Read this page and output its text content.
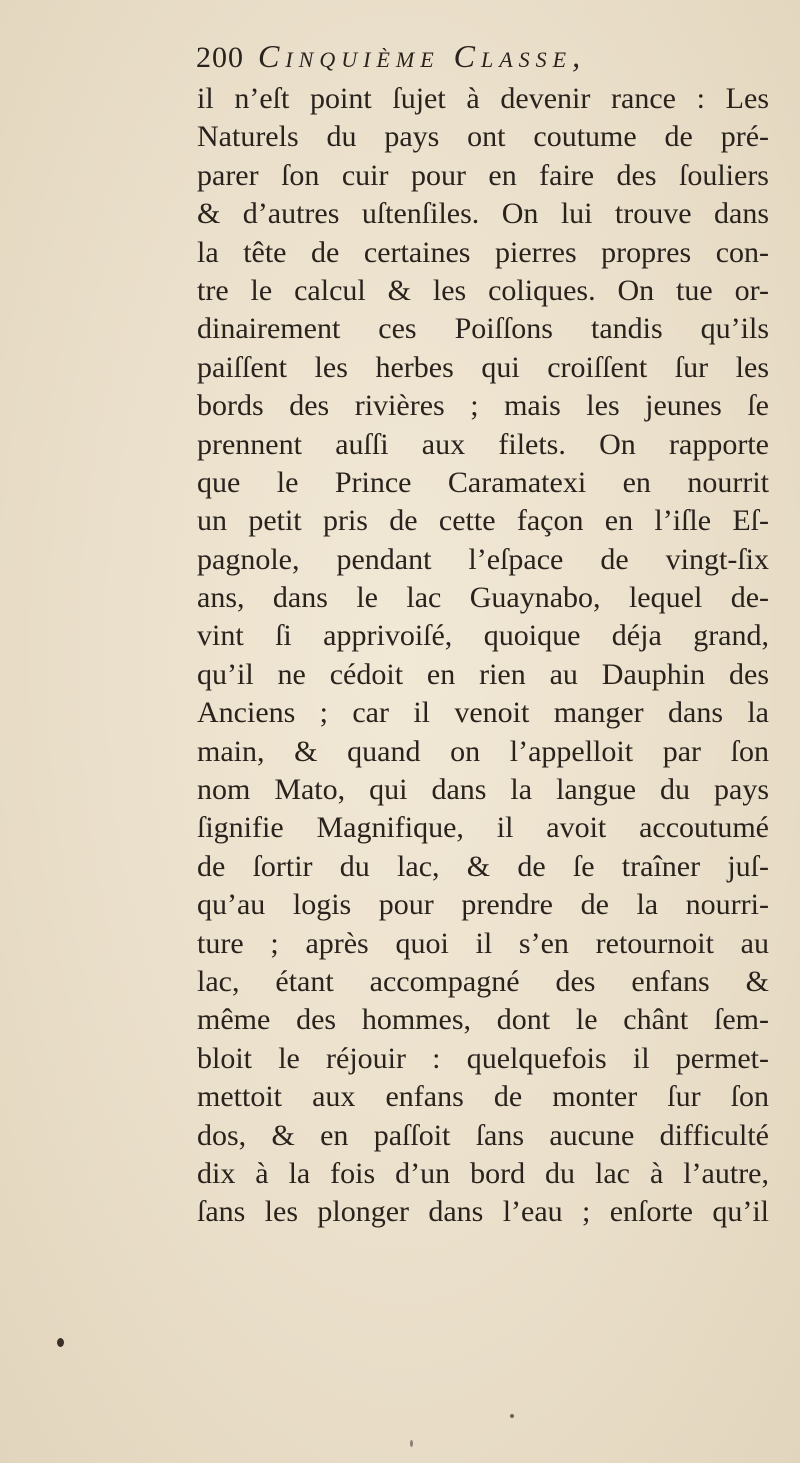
200 Cinquième Classe,
il n’eſt point ſujet à devenir rance : Les
Naturels du pays ont coutume de pré-
parer ſon cuir pour en faire des ſouliers
& d’autres uſtenſiles. On lui trouve dans
la tête de certaines pierres propres con-
tre le calcul & les coliques. On tue or-
dinairement ces Poiſſons tandis qu’ils
paiſſent les herbes qui croiſſent ſur les
bords des rivières ; mais les jeunes ſe
prennent auſſi aux filets. On rapporte
que le Prince Caramatexi en nourrit
un petit pris de cette façon en l’iſle Eſ-
pagnole, pendant l’eſpace de vingt-ſix
ans, dans le lac Guaynabo, lequel de-
vint ſi apprivoiſé, quoique déja grand,
qu’il ne cédoit en rien au Dauphin des
Anciens ; car il venoit manger dans la
main, & quand on l’appelloit par ſon
nom Mato, qui dans la langue du pays
ſignifie Magnifique, il avoit accoutumé
de ſortir du lac, & de ſe traîner juſ-
qu’au logis pour prendre de la nourri-
ture ; après quoi il s’en retournoit au
lac, étant accompagné des enfans &
même des hommes, dont le chânt ſem-
bloit le réjouir : quelquefois il permet-
mettoit aux enfans de monter ſur ſon
dos, & en paſſoit ſans aucune difficulté
dix à la fois d’un bord du lac à l’autre,
ſans les plonger dans l’eau ; enſorte qu’il
